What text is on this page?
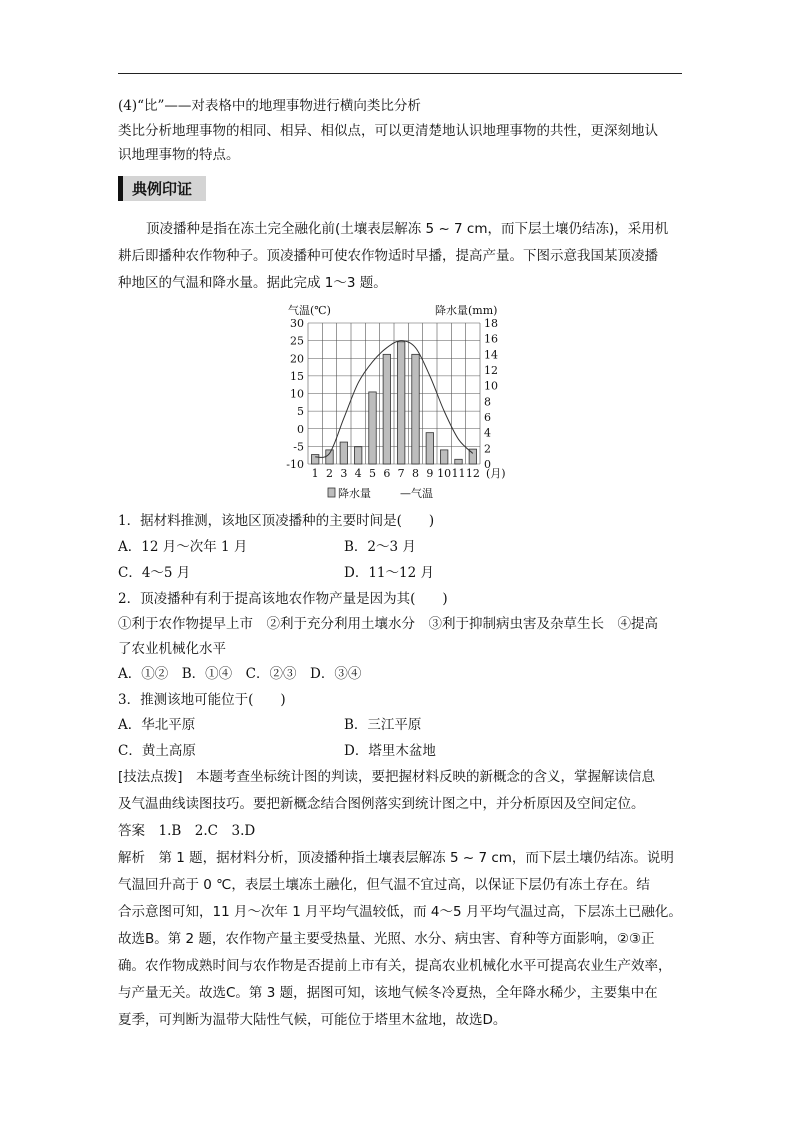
(4)“比”——对表格中的地理事物进行横向类比分析
类比分析地理事物的相同、相异、相似点，可以更清楚地认识地理事物的共性，更深刻地认
识地理事物的特点。
典例印证
顶凌播种是指在冻土完全融化前(土壤表层解冻 5 ~ 7 cm，而下层土壤仍结冻)，采用机
耕后即播种农作物种子。顶凌播种可使农作物适时早播，提高产量。下图示意我国某顶凌播
种地区的气温和降水量。据此完成 1～3 题。
气温(℃)	降水量(mm)
30
25
20
15
10
5
0
-5
-10
18
16
14
12
10
8
6
4
2
0
1 2 3 4 5 6 7 8 9 10 11 12 (月)
降水量	—气温
1．据材料推测，该地区顶凌播种的主要时间是(　　)
A．12 月～次年 1 月	B．2～3 月
C．4～5 月	D．11～12 月
2．顶凌播种有利于提高该地农作物产量是因为其(　　)
①利于农作物提早上市　②利于充分利用土壤水分　③利于抑制病虫害及杂草生长　④提高
了农业机械化水平
A．①②　B．①④　C．②③　D．③④
3．推测该地可能位于(　　)
A．华北平原	B．三江平原
C．黄土高原	D．塔里木盆地
[技法点拨]　本题考查坐标统计图的判读，要把握材料反映的新概念的含义，掌握解读信息
及气温曲线读图技巧。要把新概念结合图例落实到统计图之中，并分析原因及空间定位。
答案　1.B　2.C　3.D
解析　第 1 题，据材料分析，顶凌播种指土壤表层解冻 5 ~ 7 cm，而下层土壤仍结冻。说明
气温回升高于 0 ℃，表层土壤冻土融化，但气温不宜过高，以保证下层仍有冻土存在。结
合示意图可知，11 月～次年 1 月平均气温较低，而 4～5 月平均气温过高，下层冻土已融化。
故选B。第 2 题，农作物产量主要受热量、光照、水分、病虫害、育种等方面影响，②③正
确。农作物成熟时间与农作物是否提前上市有关，提高农业机械化水平可提高农业生产效率，
与产量无关。故选C。第 3 题，据图可知，该地气候冬冷夏热，全年降水稀少，主要集中在
夏季，可判断为温带大陆性气候，可能位于塔里木盆地，故选D。
